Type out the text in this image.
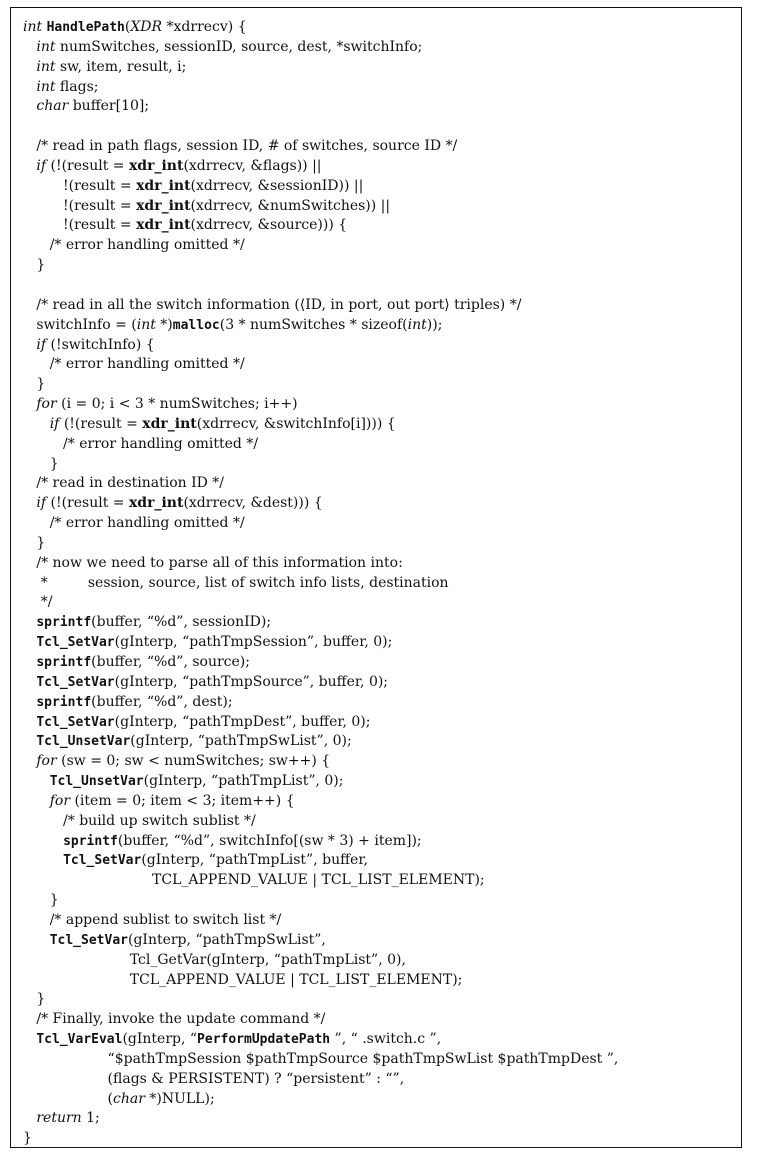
int HandlePath(XDR *xdrrecv) {
int numSwitches, sessionID, source, dest, *switchInfo;
int sw, item, result, i;
int flags;
char buffer[10];

/* read in path flags, session ID, # of switches, source ID */
if (!(result = xdr_int(xdrrecv, &flags)) ||
!(result = xdr_int(xdrrecv, &sessionID)) ||
!(result = xdr_int(xdrrecv, &numSwitches)) ||
!(result = xdr_int(xdrrecv, &source))) {
/* error handling omitted */
}

/* read in all the switch information (⟨ID, in port, out port⟩ triples) */
switchInfo = (int *)malloc(3 * numSwitches * sizeof(int));
if (!switchInfo) {
/* error handling omitted */
}
for (i = 0; i < 3 * numSwitches; i++)
if (!(result = xdr_int(xdrrecv, &switchInfo[i]))) {
/* error handling omitted */
}
/* read in destination ID */
if (!(result = xdr_int(xdrrecv, &dest))) {
/* error handling omitted */
}
/* now we need to parse all of this information into:
*         session, source, list of switch info lists, destination
*/
sprintf(buffer, “%d”, sessionID);
Tcl_SetVar(gInterp, “pathTmpSession”, buffer, 0);
sprintf(buffer, “%d”, source);
Tcl_SetVar(gInterp, “pathTmpSource”, buffer, 0);
sprintf(buffer, “%d”, dest);
Tcl_SetVar(gInterp, “pathTmpDest”, buffer, 0);
Tcl_UnsetVar(gInterp, “pathTmpSwList”, 0);
for (sw = 0; sw < numSwitches; sw++) {
Tcl_UnsetVar(gInterp, “pathTmpList”, 0);
for (item = 0; item < 3; item++) {
/* build up switch sublist */
sprintf(buffer, “%d”, switchInfo[(sw * 3) + item]);
Tcl_SetVar(gInterp, “pathTmpList”, buffer,
TCL_APPEND_VALUE | TCL_LIST_ELEMENT);
}
/* append sublist to switch list */
Tcl_SetVar(gInterp, “pathTmpSwList”,
Tcl_GetVar(gInterp, “pathTmpList”, 0),
TCL_APPEND_VALUE | TCL_LIST_ELEMENT);
}
/* Finally, invoke the update command */
Tcl_VarEval(gInterp, “PerformUpdatePath ”, “ .switch.c ”,
“$pathTmpSession $pathTmpSource $pathTmpSwList $pathTmpDest ”,
(flags & PERSISTENT) ? “persistent” : “”,
(char *)NULL);
return 1;
}
